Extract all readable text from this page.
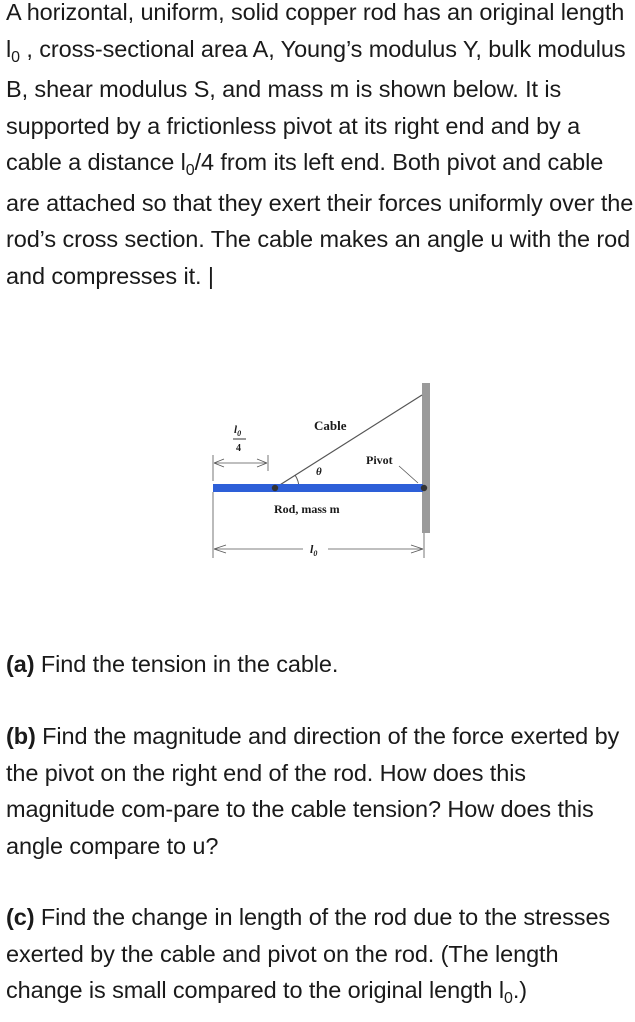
A horizontal, uniform, solid copper rod has an original length $l_0$ , cross-sectional area A, Young’s modulus Y, bulk modulus B, shear modulus S, and mass m is shown below. It is supported by a frictionless pivot at its right end and by a cable a distance $l_0/4$ from its left end. Both pivot and cable are attached so that they exert their forces uniformly over the rod’s cross section. The cable makes an angle u with the rod and compresses it. |

θ
Cable
Pivot
Rod, mass m
$l_0$
4
$l_0$

(a) Find the tension in the cable.

(b) Find the magnitude and direction of the force exerted by the pivot on the right end of the rod. How does this magnitude com-pare to the cable tension? How does this angle compare to u?

(c) Find the change in length of the rod due to the stresses exerted by the cable and pivot on the rod. (The length change is small compared to the original length $l_0$.)
